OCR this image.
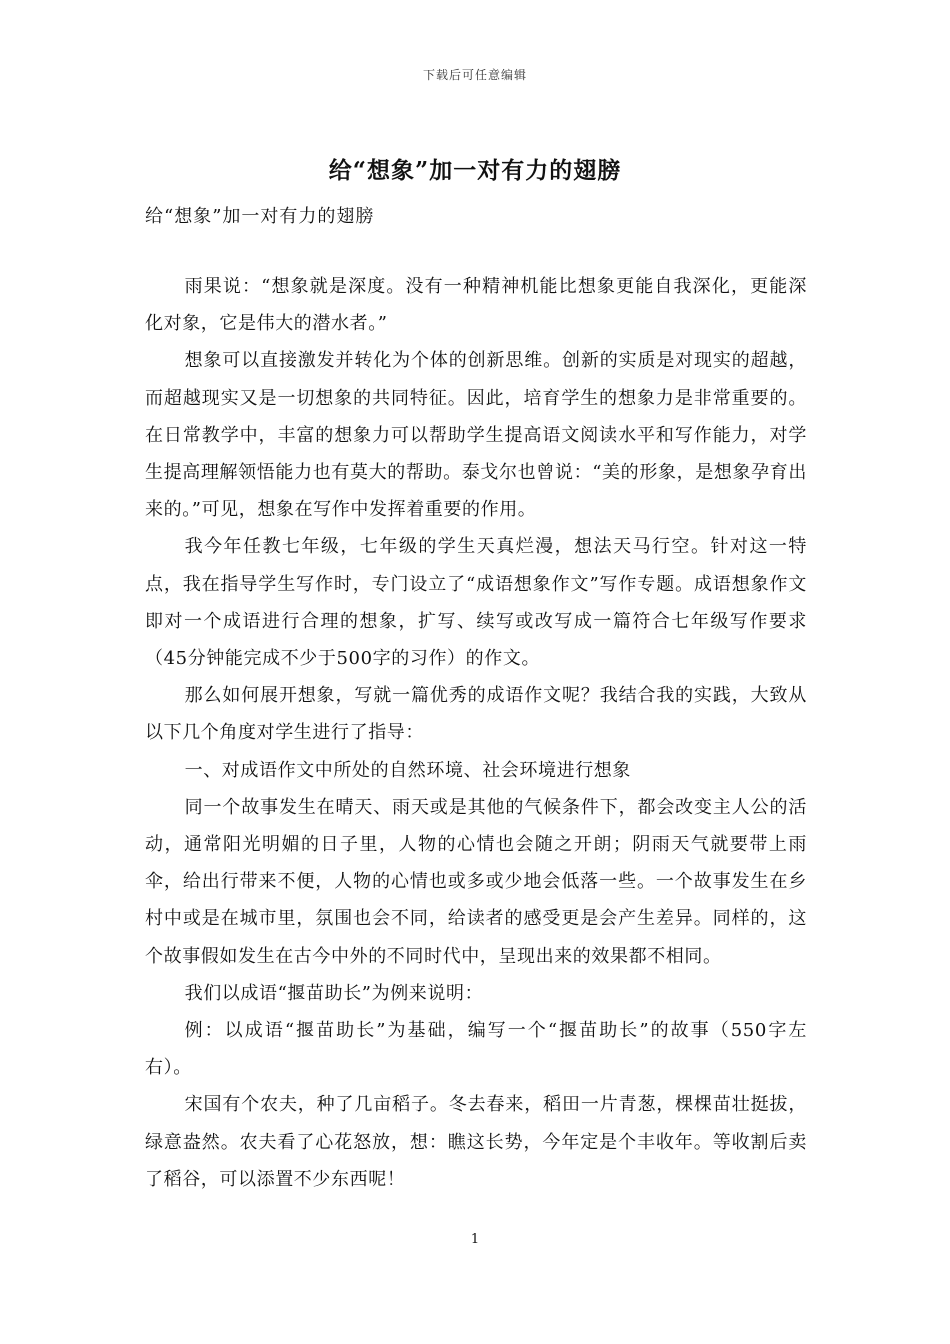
下载后可任意编辑
给“想象”加一对有力的翅膀
给“想象”加一对有力的翅膀

雨果说：“想象就是深度。没有一种精神机能比想象更能自我深化，更能深化对象，它是伟大的潜水者。”

想象可以直接激发并转化为个体的创新思维。创新的实质是对现实的超越，而超越现实又是一切想象的共同特征。因此，培育学生的想象力是非常重要的。在日常教学中，丰富的想象力可以帮助学生提高语文阅读水平和写作能力，对学生提高理解领悟能力也有莫大的帮助。泰戈尔也曾说：“美的形象，是想象孕育出来的。”可见，想象在写作中发挥着重要的作用。

我今年任教七年级，七年级的学生天真烂漫，想法天马行空。针对这一特点，我在指导学生写作时，专门设立了“成语想象作文”写作专题。成语想象作文即对一个成语进行合理的想象，扩写、续写或改写成一篇符合七年级写作要求（45分钟能完成不少于500字的习作）的作文。

那么如何展开想象，写就一篇优秀的成语作文呢？我结合我的实践，大致从以下几个角度对学生进行了指导：

一、对成语作文中所处的自然环境、社会环境进行想象

同一个故事发生在晴天、雨天或是其他的气候条件下，都会改变主人公的活动，通常阳光明媚的日子里，人物的心情也会随之开朗；阴雨天气就要带上雨伞，给出行带来不便，人物的心情也或多或少地会低落一些。一个故事发生在乡村中或是在城市里，氛围也会不同，给读者的感受更是会产生差异。同样的，这个故事假如发生在古今中外的不同时代中，呈现出来的效果都不相同。

我们以成语“揠苗助长”为例来说明：

例：以成语“揠苗助长”为基础，编写一个“揠苗助长”的故事（550字左右）。

宋国有个农夫，种了几亩稻子。冬去春来，稻田一片青葱，棵棵苗壮挺拔，绿意盎然。农夫看了心花怒放，想：瞧这长势，今年定是个丰收年。等收割后卖了稻谷，可以添置不少东西呢！

1
